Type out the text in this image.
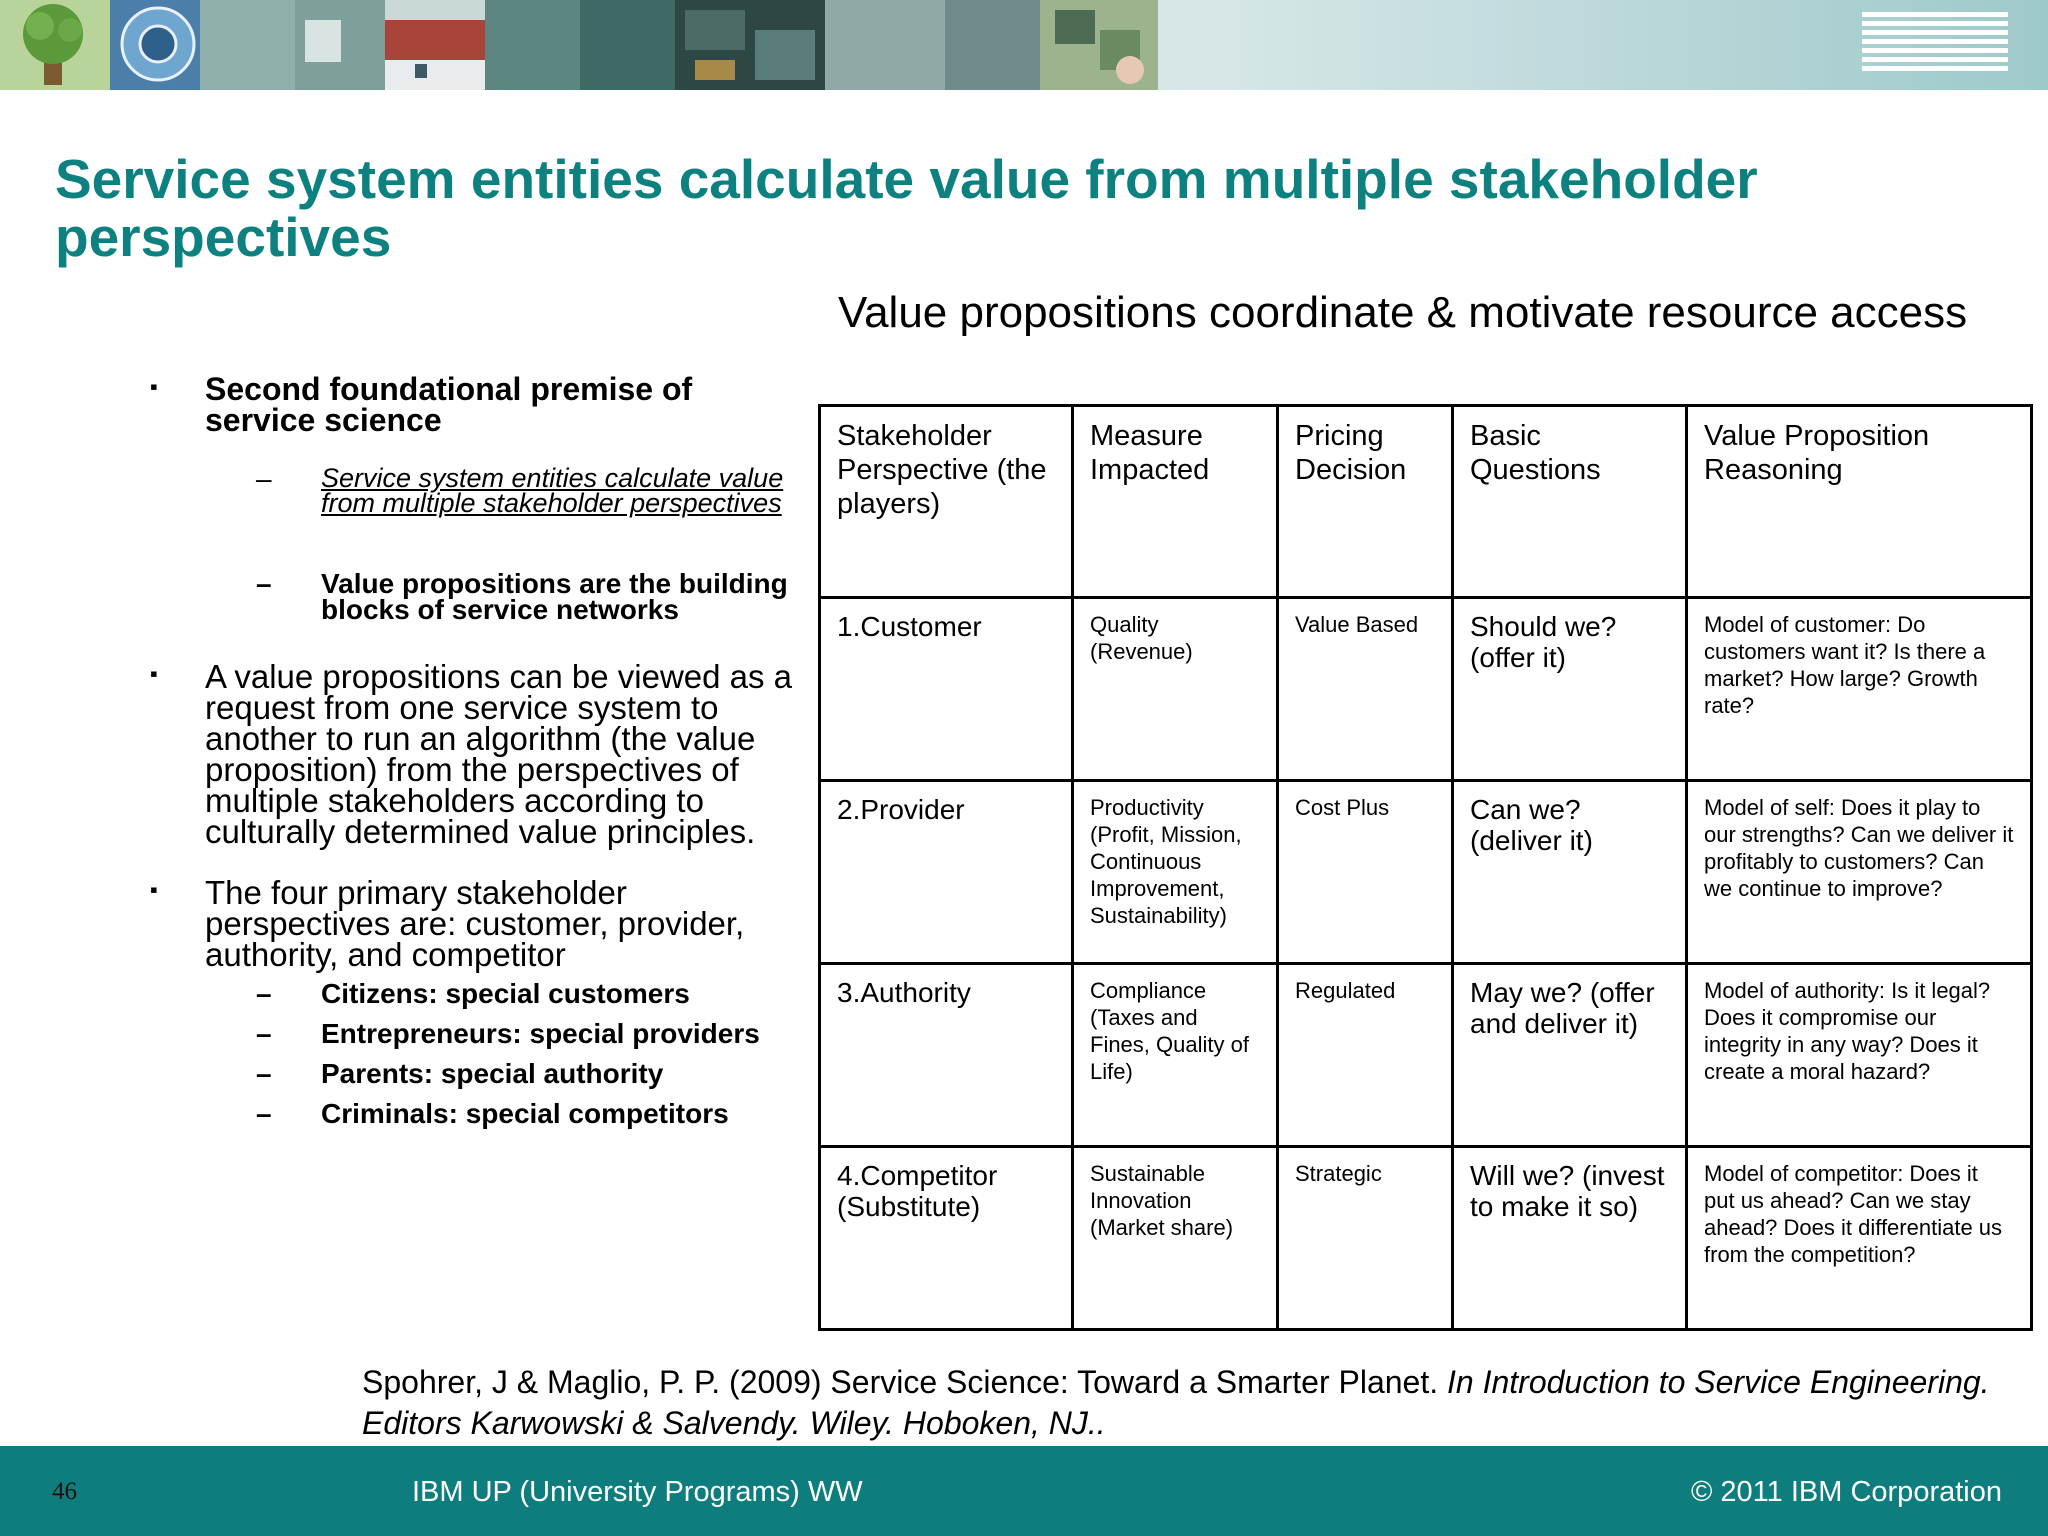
Service system entities calculate value from multiple stakeholder perspectives
Value propositions coordinate & motivate resource access
▪	Second foundational premise of service science
– Service system entities calculate value from multiple stakeholder perspectives
– Value propositions are the building blocks of service networks
▪	A value propositions can be viewed as a request from one service system to another to run an algorithm (the value proposition) from the perspectives of multiple stakeholders according to culturally determined value principles.
▪	The four primary stakeholder perspectives are: customer, provider, authority, and competitor
– Citizens: special customers
– Entrepreneurs: special providers
– Parents: special authority
– Criminals: special competitors
Stakeholder Perspective (the players)	Measure Impacted	Pricing Decision	Basic Questions	Value Proposition Reasoning
1.Customer	Quality (Revenue)	Value Based	Should we? (offer it)	Model of customer: Do customers want it? Is there a market? How large? Growth rate?
2.Provider	Productivity (Profit, Mission, Continuous Improvement, Sustainability)	Cost Plus	Can we? (deliver it)	Model of self: Does it play to our strengths? Can we deliver it profitably to customers? Can we continue to improve?
3.Authority	Compliance (Taxes and Fines, Quality of Life)	Regulated	May we? (offer and deliver it)	Model of authority: Is it legal? Does it compromise our integrity in any way? Does it create a moral hazard?
4.Competitor (Substitute)	Sustainable Innovation (Market share)	Strategic	Will we? (invest to make it so)	Model of competitor: Does it put us ahead? Can we stay ahead? Does it differentiate us from the competition?
Spohrer, J & Maglio, P. P. (2009) Service Science: Toward a Smarter Planet. In Introduction to Service Engineering. Editors Karwowski & Salvendy. Wiley. Hoboken, NJ..
46	IBM UP (University Programs) WW	© 2011 IBM Corporation
